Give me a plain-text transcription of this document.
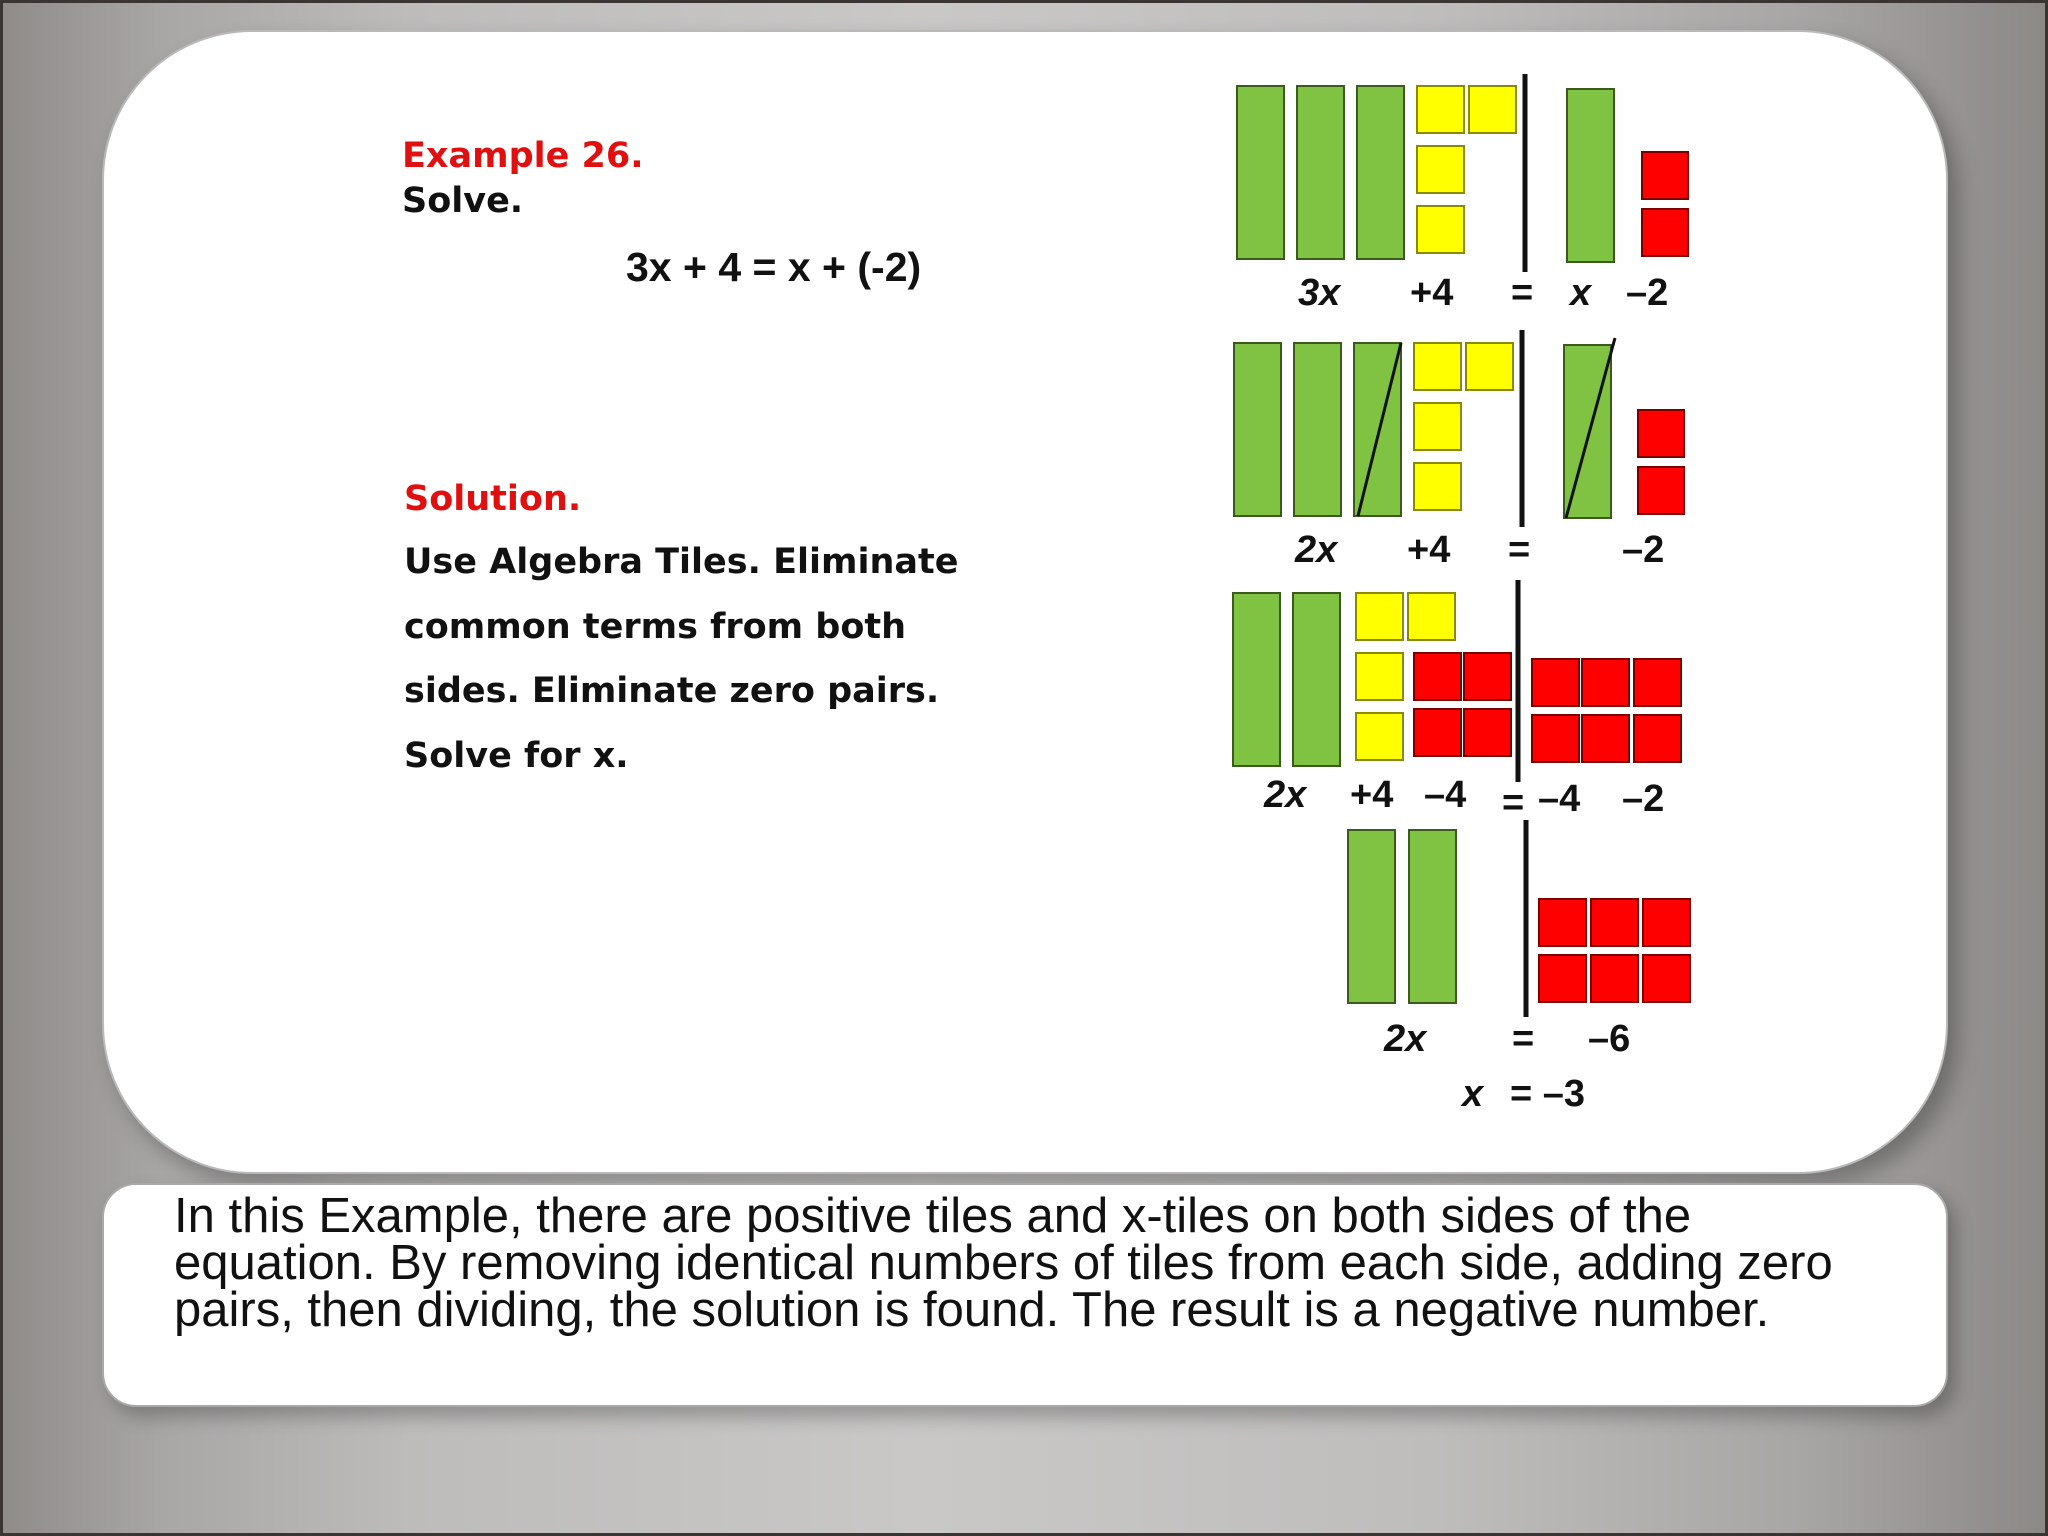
Example 26.
Solve.
3x + 4 = x + (-2)
Solution.
Use Algebra Tiles. Eliminate
common terms from both
sides. Eliminate zero pairs.
Solve for x.
3x +4 = x –2
2x +4 = –2
2x +4 –4 = –4 –2
2x = –6
x = –3

In this Example, there are positive tiles and x-tiles on both sides of the equation. By removing identical numbers of tiles from each side, adding zero pairs, then dividing, the solution is found. The result is a negative number.
